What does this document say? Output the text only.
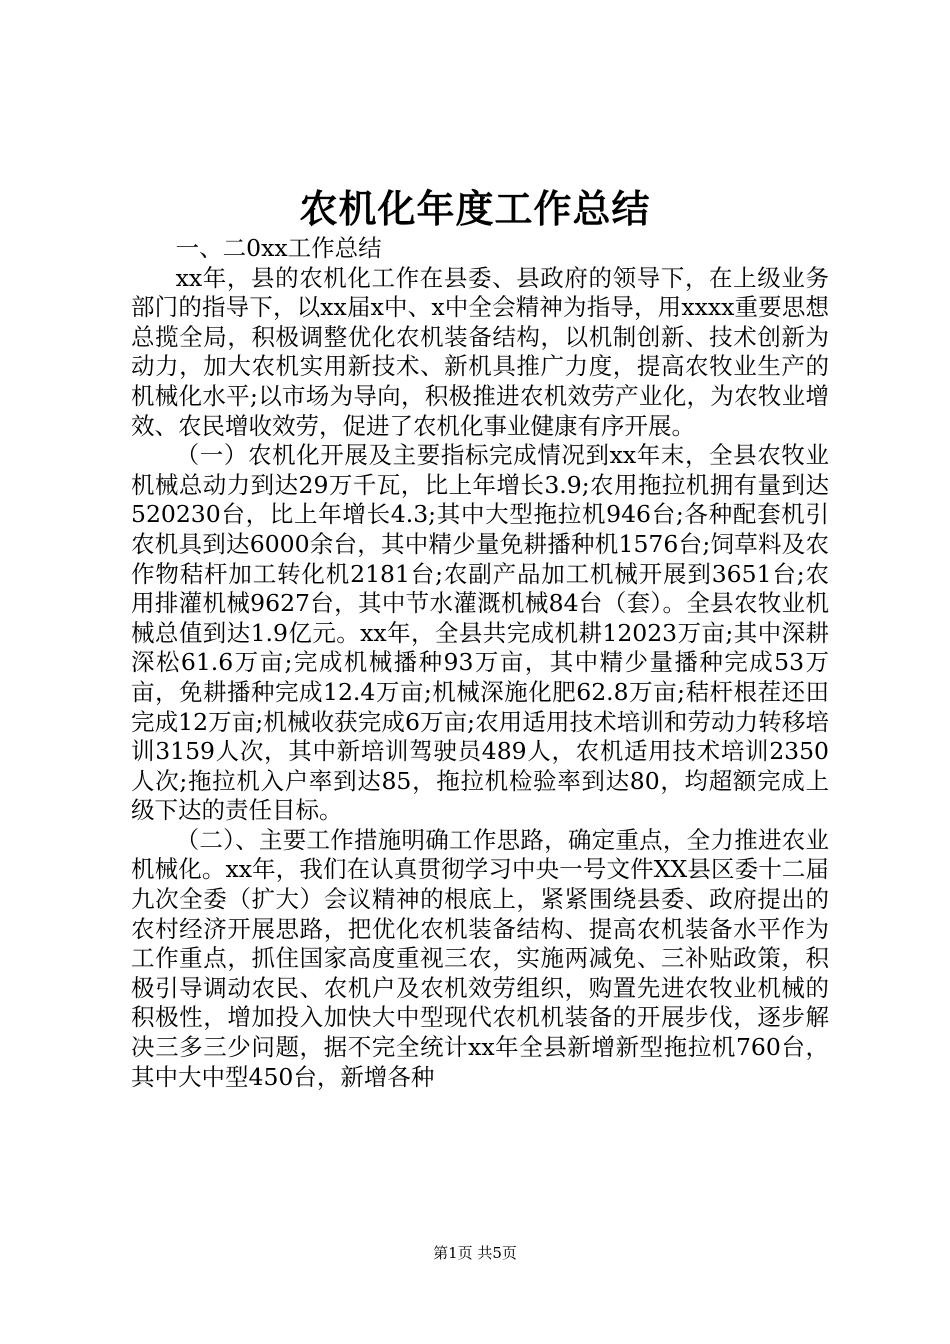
农机化年度工作总结

一、二0xx工作总结

xx年，县的农机化工作在县委、县政府的领导下，在上级业务部门的指导下，以xx届x中、x中全会精神为指导，用xxxx重要思想总揽全局，积极调整优化农机装备结构，以机制创新、技术创新为动力，加大农机实用新技术、新机具推广力度，提高农牧业生产的机械化水平;以市场为导向，积极推进农机效劳产业化，为农牧业增效、农民增收效劳，促进了农机化事业健康有序开展。

（一）农机化开展及主要指标完成情况到xx年末，全县农牧业机械总动力到达29万千瓦，比上年增长3.9;农用拖拉机拥有量到达520230台，比上年增长4.3;其中大型拖拉机946台;各种配套机引农机具到达6000余台，其中精少量免耕播种机1576台;饲草料及农作物秸杆加工转化机2181台;农副产品加工机械开展到3651台;农用排灌机械9627台，其中节水灌溉机械84台（套）。全县农牧业机械总值到达1.9亿元。xx年，全县共完成机耕12023万亩;其中深耕深松61.6万亩;完成机械播种93万亩，其中精少量播种完成53万亩，免耕播种完成12.4万亩;机械深施化肥62.8万亩;秸杆根茬还田完成12万亩;机械收获完成6万亩;农用适用技术培训和劳动力转移培训3159人次，其中新培训驾驶员489人，农机适用技术培训2350人次;拖拉机入户率到达85，拖拉机检验率到达80，均超额完成上级下达的责任目标。

（二）、主要工作措施明确工作思路，确定重点，全力推进农业机械化。xx年，我们在认真贯彻学习中央一号文件XX县区委十二届九次全委（扩大）会议精神的根底上，紧紧围绕县委、政府提出的农村经济开展思路，把优化农机装备结构、提高农机装备水平作为工作重点，抓住国家高度重视三农，实施两减免、三补贴政策，积极引导调动农民、农机户及农机效劳组织，购置先进农牧业机械的积极性，增加投入加快大中型现代农机机装备的开展步伐，逐步解决三多三少问题，据不完全统计xx年全县新增新型拖拉机760台，其中大中型450台，新增各种

第1页 共5页
